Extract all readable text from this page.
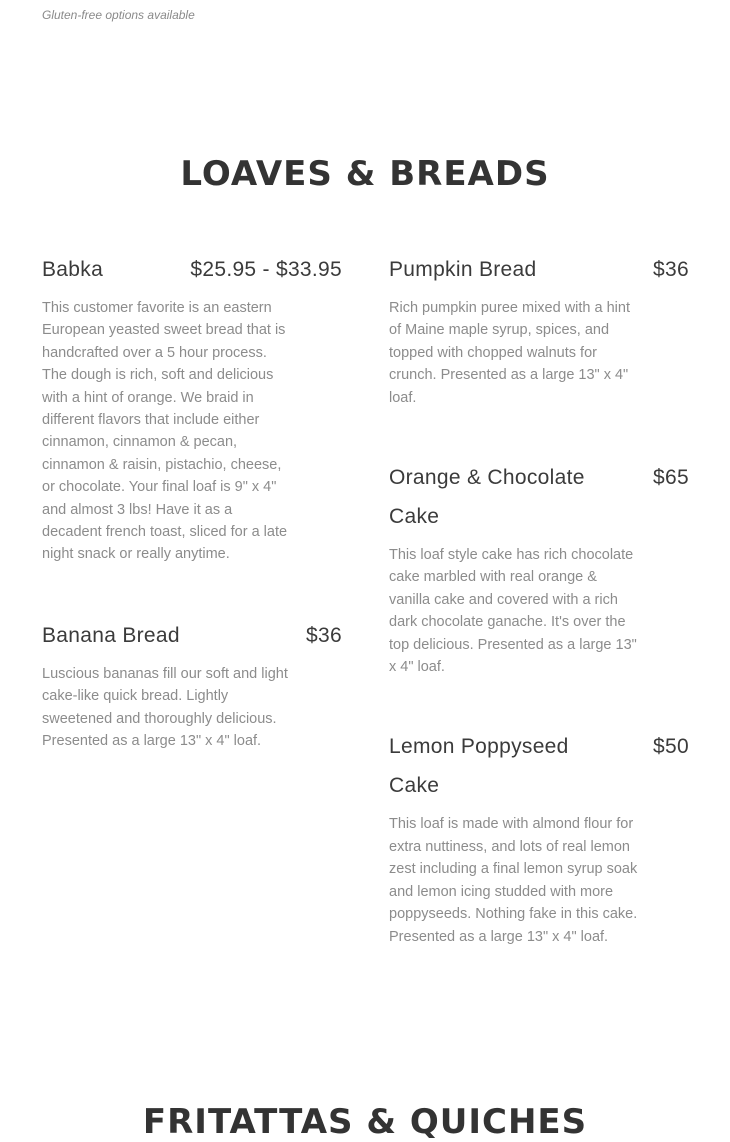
Gluten-free options available

LOAVES & BREADS
Babka	$25.95 - $33.95

This customer favorite is an eastern European yeasted sweet bread that is handcrafted over a 5 hour process. The dough is rich, soft and delicious with a hint of orange. We braid in different flavors that include either cinnamon, cinnamon & pecan, cinnamon & raisin, pistachio, cheese, or chocolate. Your final loaf is 9" x 4" and almost 3 lbs! Have it as a decadent french toast, sliced for a late night snack or really anytime.

Banana Bread	$36

Luscious bananas fill our soft and light cake-like quick bread. Lightly sweetened and thoroughly delicious. Presented as a large 13" x 4" loaf.

Pumpkin Bread	$36

Rich pumpkin puree mixed with a hint of Maine maple syrup, spices, and topped with chopped walnuts for crunch. Presented as a large 13" x 4" loaf.

Orange & Chocolate Cake
$65

This loaf style cake has rich chocolate cake marbled with real orange & vanilla cake and covered with a rich dark chocolate ganache. It's over the top delicious. Presented as a large 13" x 4" loaf.

Lemon Poppyseed Cake
$50

This loaf is made with almond flour for extra nuttiness, and lots of real lemon zest including a final lemon syrup soak and lemon icing studded with more poppyseeds. Nothing fake in this cake. Presented as a large 13" x 4" loaf.

FRITATTAS & QUICHES
